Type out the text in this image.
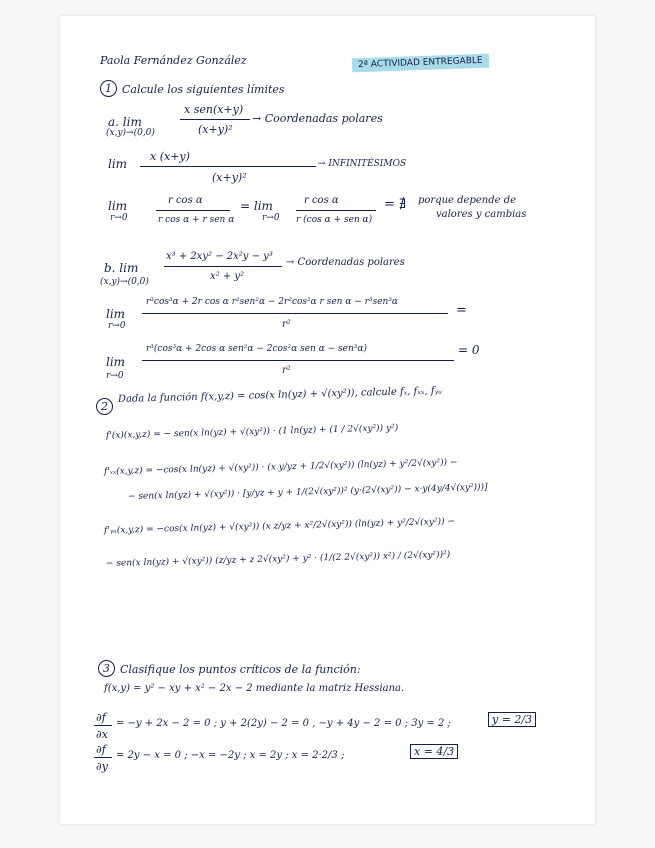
Paola Fernández González	2ª ACTIVIDAD ENTREGABLE
1 Calcule los siguientes límites
a. lim
(x,y)→(0,0)
x sen(x+y)
(x+y)²
→ Coordenadas polares
lim
x (x+y)
(x+y)²
→ INFINITÉSIMOS
lim
r→0
r cos α
r cos α + r sen α
= lim
r→0
r cos α
r (cos α + sen α)
= ∄ porque depende de
valores y cambias
b. lim
(x,y)→(0,0)
x³ + 2xy² − 2x²y − y³
x² + y²
→ Coordenadas polares
lim
r→0
r³cos³α + 2r cos α r²sen²α − 2r²cos²α r sen α − r³sen³α
r²
=
lim
r→0
r³(cos³α + 2cos α sen²α − 2cos²α sen α − sen³α)
r²
= 0
2
Dada la función f(x,y,z) = cos(x ln(yz) + √(xy²)), calcule fₓ, fₓₓ, fᵧᵤ
f'(x)(x,y,z) = − sen(x ln(yz) + √(xy²)) · (1 ln(yz) + (1 / 2√(xy²)) y²)
f'ₓₓ(x,y,z) = −cos(x ln(yz) + √(xy²)) · (x y/yz + 1/2√(xy²)) (ln(yz) + y²/2√(xy²)) −
− sen(x ln(yz) + √(xy²)) · [y/yz + y + 1/(2√(xy²))² (y·(2√(xy²)) − x·y(4y/4√(xy²)))]
f'ᵧᵤ(x,y,z) = −cos(x ln(yz) + √(xy²)) (x z/yz + x²/2√(xy²)) (ln(yz) + y²/2√(xy²)) −
− sen(x ln(yz) + √(xy²)) (z/yz + z 2√(xy²) + y² · (1/(2 2√(xy²)) x²) / (2√(xy²))²)
3 Clasifique los puntos críticos de la función:
f(x,y) = y² − xy + x² − 2x − 2 mediante la matriz Hessiana.
∂f
∂x
= −y + 2x − 2 = 0 ; y + 2(2y) − 2 = 0 , −y + 4y − 2 = 0 ; 3y = 2 ;	y = 2/3
∂f
∂y
= 2y − x = 0 ; −x = −2y ; x = 2y ; x = 2·2/3 ;	x = 4/3
